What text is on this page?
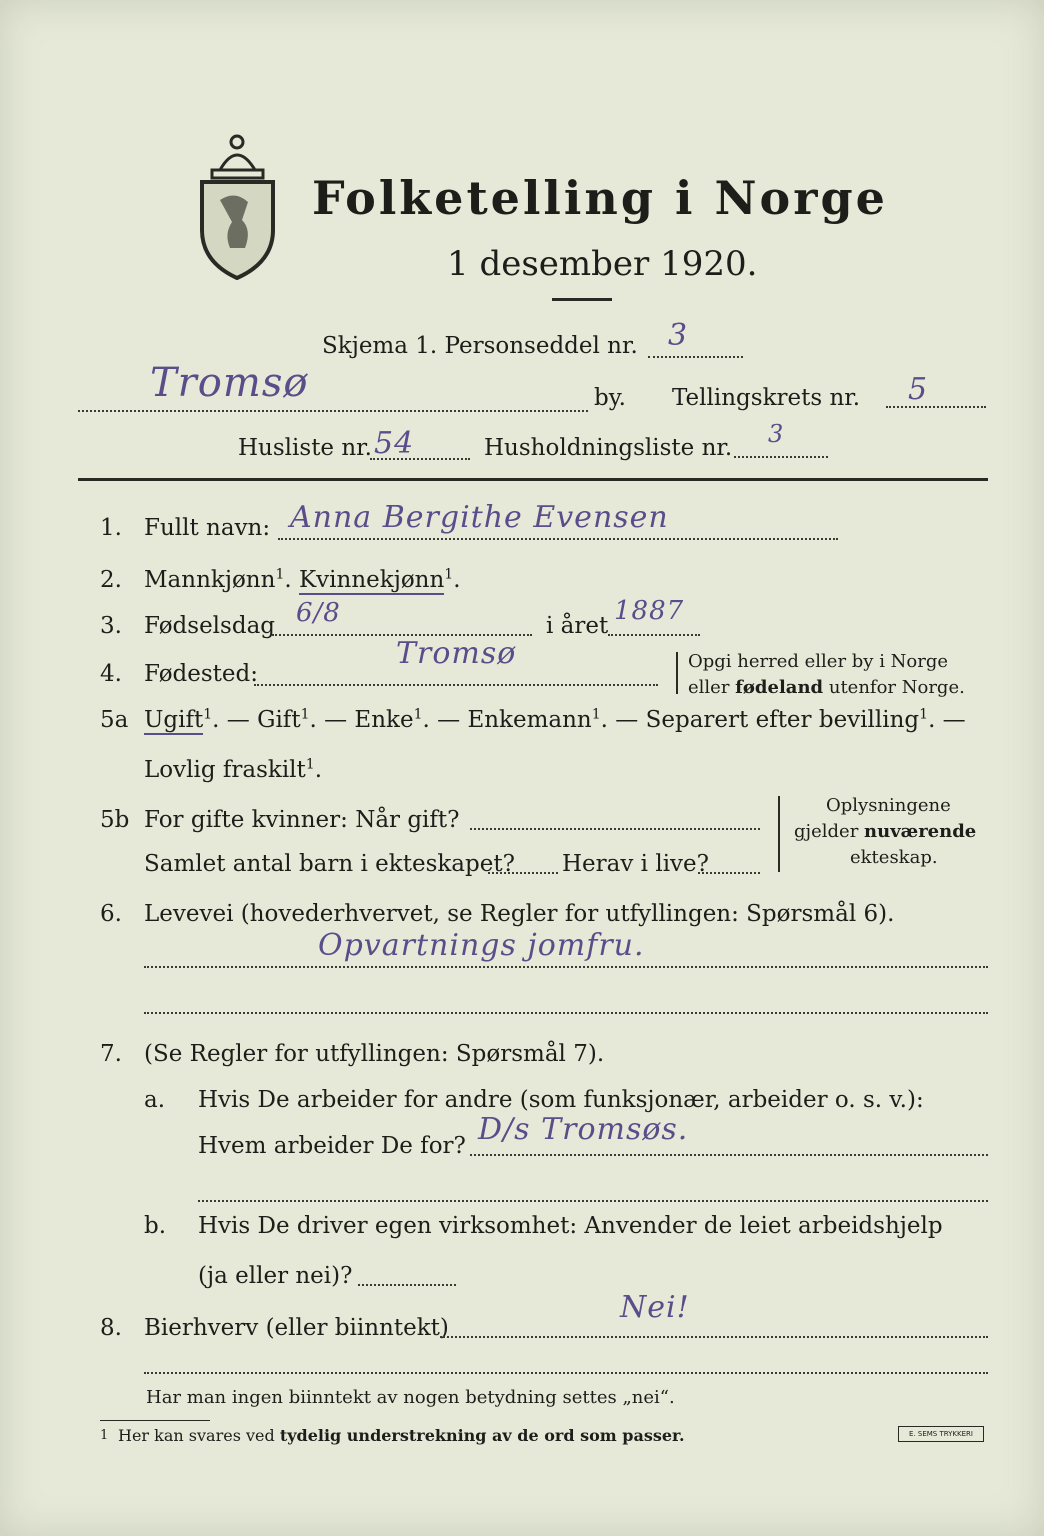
Folketelling i Norge
1 desember 1920.
Skjema 1. Personseddel nr. 3
Tromsø	by. Tellingskrets nr. 5
Husliste nr. 54	Husholdningsliste nr. 3
1. Fullt navn: Anna Bergithe Evensen
2. Mannkjønn$^1$. Kvinnekjønn$^1$.
3. Fødselsdag 6/8	i året 1887
4. Fødested:
Tromsø	Opgi herred eller by i Norge
eller fødeland utenfor Norge.
5a Ugift$^1$. — Gift$^1$. — Enke$^1$. — Enkemann$^1$. — Separert efter bevilling$^1$. —
Lovlig fraskilt$^1$.
5b For gifte kvinner: Når gift?
Samlet antal barn i ekteskapet? Herav i live?
Oplysningene
gjelder nuværende
ekteskap.
6. Levevei (hovederhvervet, se Regler for utfyllingen: Spørsmål 6).
Opvartnings jomfru.
7. (Se Regler for utfyllingen: Spørsmål 7).
a. Hvis De arbeider for andre (som funksjonær, arbeider o. s. v.):
Hvem arbeider De for? D/s Tromsøs.
b. Hvis De driver egen virksomhet: Anvender de leiet arbeidshjelp
(ja eller nei)?
8. Bierhverv (eller biinntekt)
Nei!
Har man ingen biinntekt av nogen betydning settes „nei“.
1 Her kan svares ved tydelig understrekning av de ord som passer.	E. SEMS TRYKKERI
